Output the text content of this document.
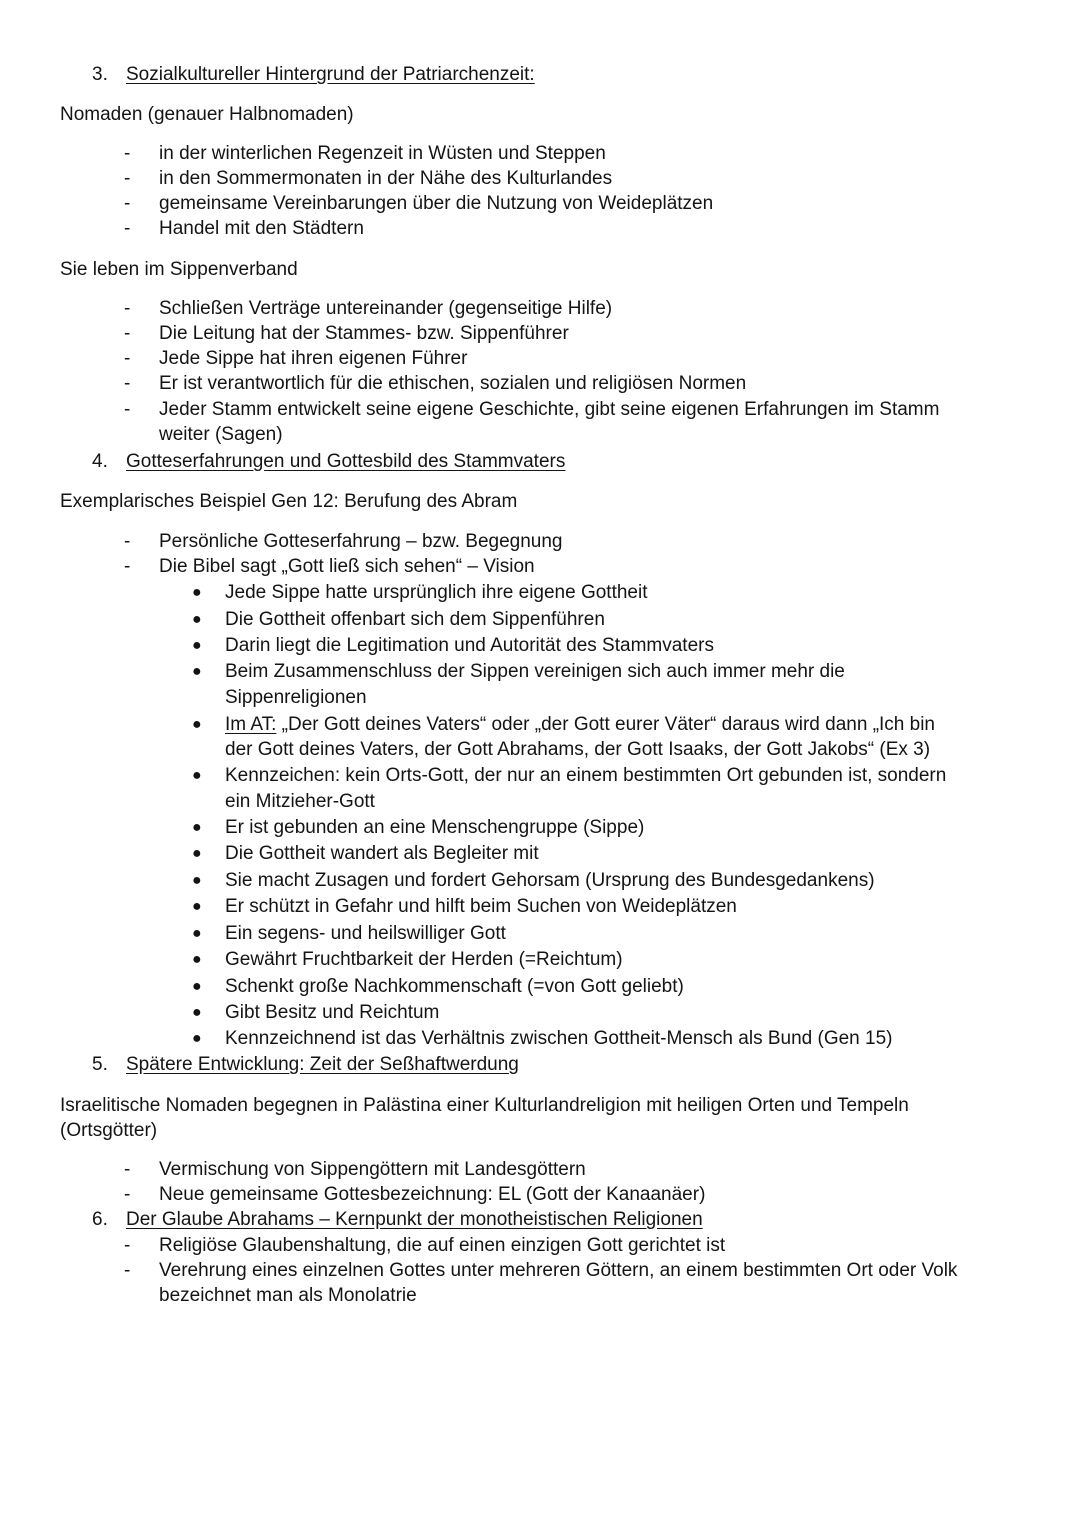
3. Sozialkultureller Hintergrund der Patriarchenzeit:
Nomaden (genauer Halbnomaden)
- in der winterlichen Regenzeit in Wüsten und Steppen
- in den Sommermonaten in der Nähe des Kulturlandes
- gemeinsame Vereinbarungen über die Nutzung von Weideplätzen
- Handel mit den Städtern
Sie leben im Sippenverband
- Schließen Verträge untereinander (gegenseitige Hilfe)
- Die Leitung hat der Stammes- bzw. Sippenführer
- Jede Sippe hat ihren eigenen Führer
- Er ist verantwortlich für die ethischen, sozialen und religiösen Normen
- Jeder Stamm entwickelt seine eigene Geschichte, gibt seine eigenen Erfahrungen im Stamm
weiter (Sagen)
4. Gotteserfahrungen und Gottesbild des Stammvaters
Exemplarisches Beispiel Gen 12: Berufung des Abram
- Persönliche Gotteserfahrung – bzw. Begegnung
- Die Bibel sagt „Gott ließ sich sehen“ – Vision
● Jede Sippe hatte ursprünglich ihre eigene Gottheit
● Die Gottheit offenbart sich dem Sippenführen
● Darin liegt die Legitimation und Autorität des Stammvaters
● Beim Zusammenschluss der Sippen vereinigen sich auch immer mehr die
Sippenreligionen
● Im AT: „Der Gott deines Vaters“ oder „der Gott eurer Väter“ daraus wird dann „Ich bin
der Gott deines Vaters, der Gott Abrahams, der Gott Isaaks, der Gott Jakobs“ (Ex 3)
● Kennzeichen: kein Orts-Gott, der nur an einem bestimmten Ort gebunden ist, sondern
ein Mitzieher-Gott
● Er ist gebunden an eine Menschengruppe (Sippe)
● Die Gottheit wandert als Begleiter mit
● Sie macht Zusagen und fordert Gehorsam (Ursprung des Bundesgedankens)
● Er schützt in Gefahr und hilft beim Suchen von Weideplätzen
● Ein segens- und heilswilliger Gott
● Gewährt Fruchtbarkeit der Herden (=Reichtum)
● Schenkt große Nachkommenschaft (=von Gott geliebt)
● Gibt Besitz und Reichtum
● Kennzeichnend ist das Verhältnis zwischen Gottheit-Mensch als Bund (Gen 15)
5. Spätere Entwicklung: Zeit der Seßhaftwerdung
Israelitische Nomaden begegnen in Palästina einer Kulturlandreligion mit heiligen Orten und Tempeln
(Ortsgötter)
- Vermischung von Sippengöttern mit Landesgöttern
- Neue gemeinsame Gottesbezeichnung: EL (Gott der Kanaanäer)
6. Der Glaube Abrahams – Kernpunkt der monotheistischen Religionen
- Religiöse Glaubenshaltung, die auf einen einzigen Gott gerichtet ist
- Verehrung eines einzelnen Gottes unter mehreren Göttern, an einem bestimmten Ort oder Volk
bezeichnet man als Monolatrie
